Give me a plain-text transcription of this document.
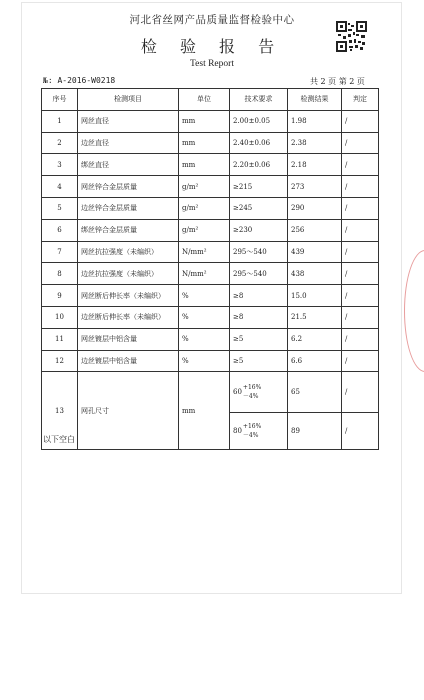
河北省丝网产品质量监督检验中心
检 验 报 告
Test Report
№: A-2016-W0218	共 2 页 第 2 页
序号	检测项目	单位	技术要求	检测结果	判定
1	网丝直径	mm	2.00±0.05	1.98	/
2	边丝直径	mm	2.40±0.06	2.38	/
3	绑丝直径	mm	2.20±0.06	2.18	/
4	网丝锌合金层质量	g/m²	≥215	273	/
5	边丝锌合金层质量	g/m²	≥245	290	/
6	绑丝锌合金层质量	g/m²	≥230	256	/
7	网丝抗拉强度（未编织）	N/mm²	295～540	439	/
8	边丝抗拉强度（未编织）	N/mm²	295～540	438	/
9	网丝断后伸长率（未编织）	%	≥8	15.0	/
10	边丝断后伸长率（未编织）	%	≥8	21.5	/
11	网丝镀层中铝含量	%	≥5	6.2	/
12	边丝镀层中铝含量	%	≥5	6.6	/
13	网孔尺寸	mm	60
+16%
－4%	65	/

			80
+16%
－4%	89	/
以下空白
